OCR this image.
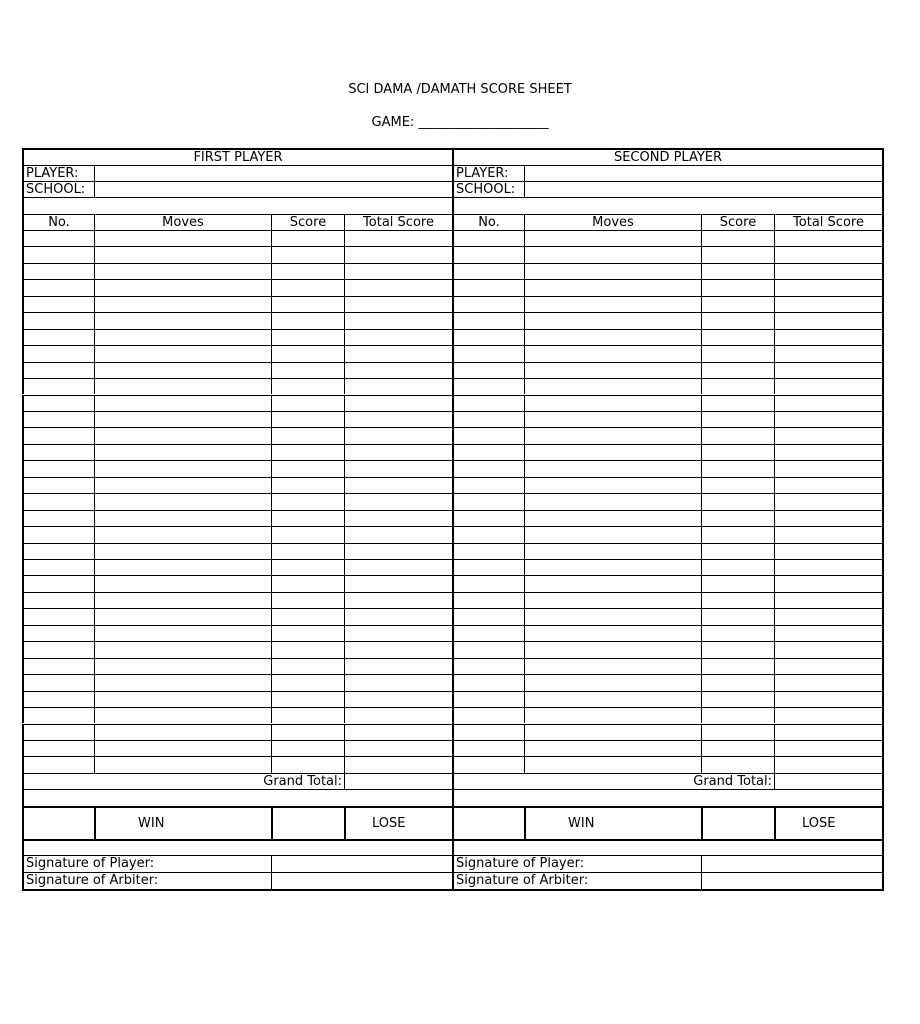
SCI DAMA /DAMATH SCORE SHEET
GAME: ____________________
FIRST PLAYER
PLAYER:
SCHOOL:
No.	Moves	Score	Total Score
Grand Total:
WIN	LOSE
Signature of Player:
Signature of Arbiter:
SECOND PLAYER
PLAYER:
SCHOOL:
No.	Moves	Score	Total Score
Grand Total:
WIN	LOSE
Signature of Player:
Signature of Arbiter:
